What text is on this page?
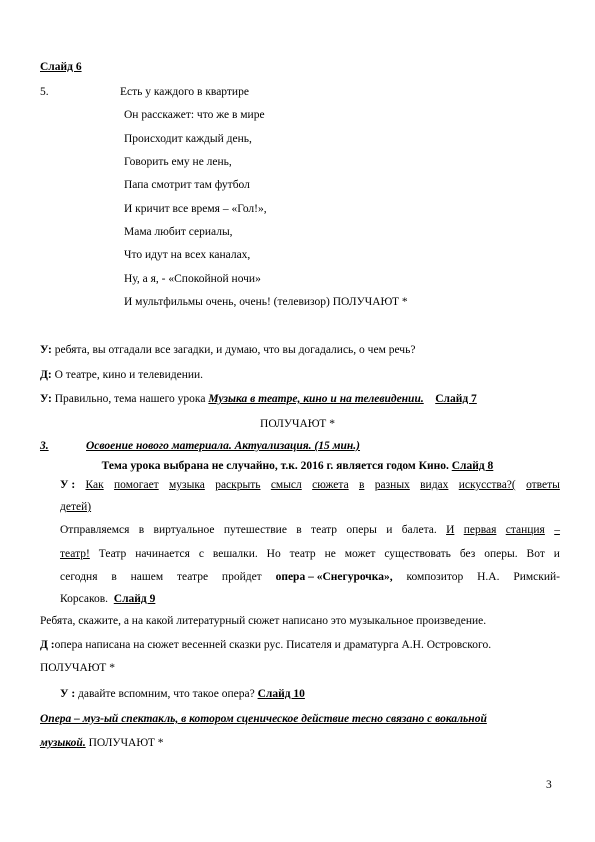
Слайд 6
5.	Есть у каждого в квартире
Он расскажет: что же в мире
Происходит каждый день,
Говорить ему не лень,
Папа смотрит там футбол
И кричит все время – «Гол!»,
Мама любит сериалы,
Что идут на всех каналах,
Ну, а я, - «Спокойной ночи»
И мультфильмы очень, очень! (телевизор) ПОЛУЧАЮТ *
У: ребята, вы отгадали все загадки, и думаю, что вы догадались, о чем речь?
Д: О театре, кино и телевидении.
У: Правильно, тема нашего урока Музыка в театре, кино и на телевидении. Слайд 7
ПОЛУЧАЮТ *
3.	Освоение нового материала. Актуализация. (15 мин.)
Тема урока выбрана не случайно, т.к. 2016 г. является годом Кино. Слайд 8
У : Как помогает музыка раскрыть смысл сюжета в разных видах искусства?( ответы
детей)
Отправляемся в виртуальное путешествие в театр оперы и балета. И первая станция –
театр! Театр начинается с вешалки. Но театр не может существовать без оперы. Вот и
сегодня в нашем театре пройдет опера – «Снегурочка», композитор Н.А. Римский-
Корсаков. Слайд 9
Ребята, скажите, а на какой литературный сюжет написано это музыкальное произведение.
Д :опера написана на сюжет весенней сказки рус. Писателя и драматурга А.Н. Островского.
ПОЛУЧАЮТ *
У : давайте вспомним, что такое опера? Слайд 10
Опера – муз-ый спектакль, в котором сценическое действие тесно связано с вокальной
музыкой. ПОЛУЧАЮТ *
3
